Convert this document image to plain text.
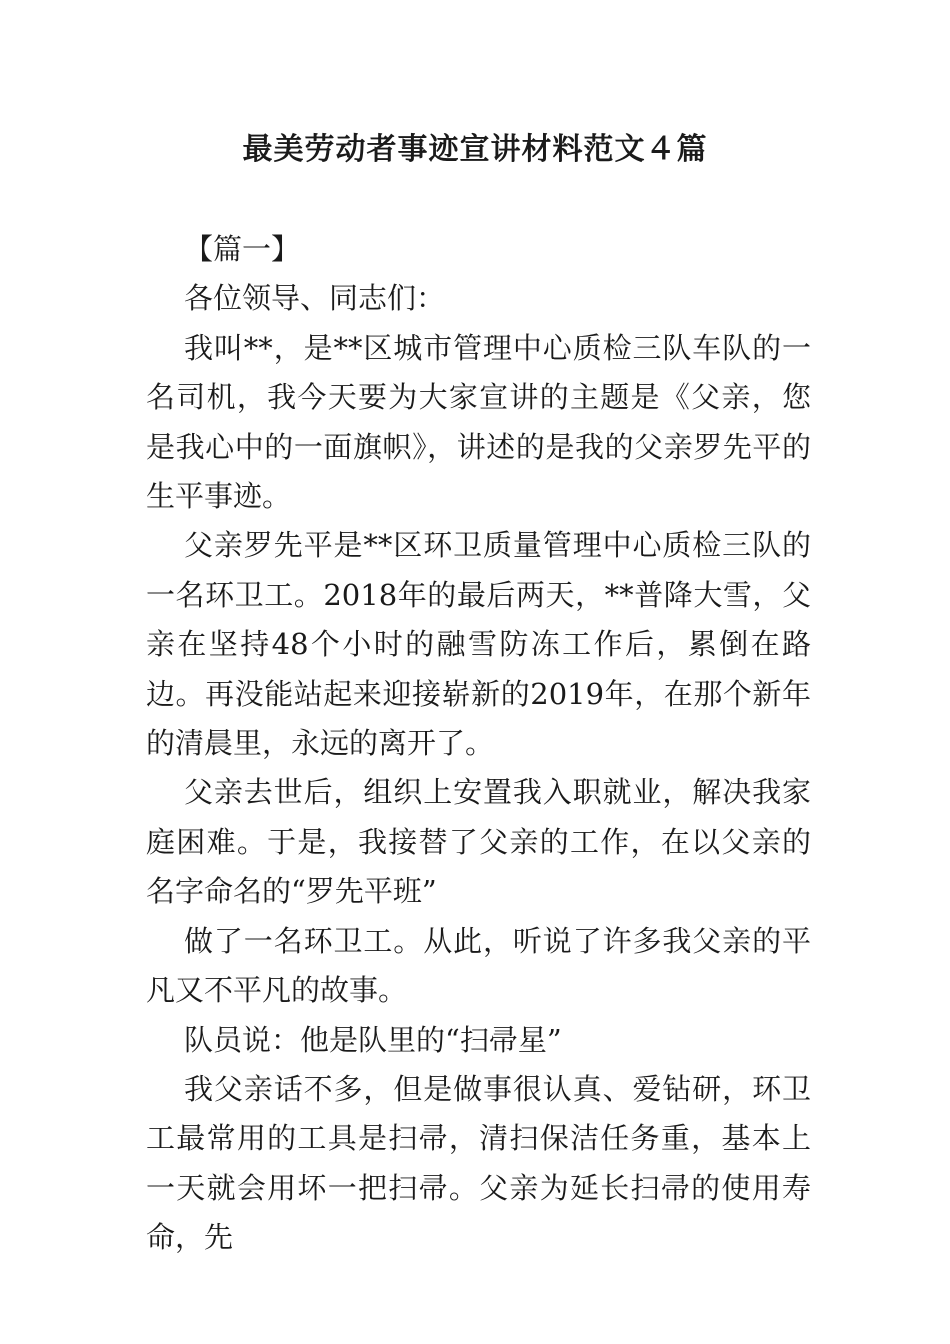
最美劳动者事迹宣讲材料范文４篇

【篇一】

各位领导、同志们：

我叫**，是**区城市管理中心质检三队车队的一名司机，我今天要为大家宣讲的主题是《父亲，您是我心中的一面旗帜》，讲述的是我的父亲罗先平的生平事迹。

父亲罗先平是**区环卫质量管理中心质检三队的一名环卫工。2018年的最后两天，**普降大雪，父亲在坚持48个小时的融雪防冻工作后，累倒在路边。再没能站起来迎接崭新的2019年，在那个新年的清晨里，永远的离开了。

父亲去世后，组织上安置我入职就业，解决我家庭困难。于是，我接替了父亲的工作，在以父亲的名字命名的“罗先平班”

做了一名环卫工。从此，听说了许多我父亲的平凡又不平凡的故事。

队员说：他是队里的“扫帚星”

我父亲话不多，但是做事很认真、爱钻研，环卫工最常用的工具是扫帚，清扫保洁任务重，基本上一天就会用坏一把扫帚。父亲为延长扫帚的使用寿命，先
